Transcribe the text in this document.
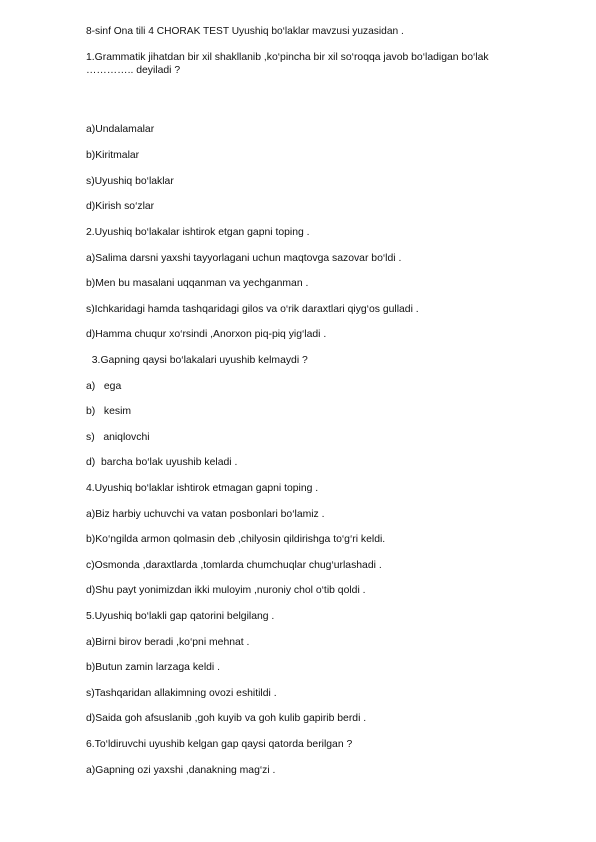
8-sinf Ona tili 4 CHORAK TEST Uyushiq bo‘laklar mavzusi yuzasidan .
1.Grammatik jihatdan bir xil shakllanib ,ko‘pincha bir xil so‘roqqa javob bo‘ladigan bo‘lak ………….. deyiladi ?
a)Undalamalar
b)Kiritmalar
s)Uyushiq bo‘laklar
d)Kirish so‘zlar
2.Uyushiq bo‘lakalar ishtirok etgan gapni toping .
a)Salima darsni yaxshi tayyorlagani uchun maqtovga sazovar bo‘ldi .
b)Men bu masalani uqqanman va yechganman .
s)Ichkaridagi hamda tashqaridagi gilos va o‘rik daraxtlari qiyg‘os gulladi .
d)Hamma chuqur xo‘rsindi ,Anorxon piq-piq yig‘ladi .
3.Gapning qaysi bo‘lakalari uyushib kelmaydi ?
a)   ega
b)   kesim
s)   aniqlovchi
d)  barcha bo‘lak uyushib keladi .
4.Uyushiq bo‘laklar ishtirok etmagan gapni toping .
a)Biz harbiy uchuvchi va vatan posbonlari bo‘lamiz .
b)Ko‘ngilda armon qolmasin deb ,chilyosin qildirishga to‘g‘ri keldi.
c)Osmonda ,daraxtlarda ,tomlarda chumchuqlar chug‘urlashadi .
d)Shu payt yonimizdan ikki muloyim ,nuroniy chol o‘tib qoldi .
5.Uyushiq bo‘lakli gap qatorini belgilang .
a)Birni birov beradi ,ko‘pni mehnat .
b)Butun zamin larzaga keldi .
s)Tashqaridan allakimning ovozi eshitildi .
d)Saida goh afsuslanib ,goh kuyib va goh kulib gapirib berdi .
6.To‘ldiruvchi uyushib kelgan gap qaysi qatorda berilgan ?
a)Gapning ozi yaxshi ,danakning mag‘zi .
